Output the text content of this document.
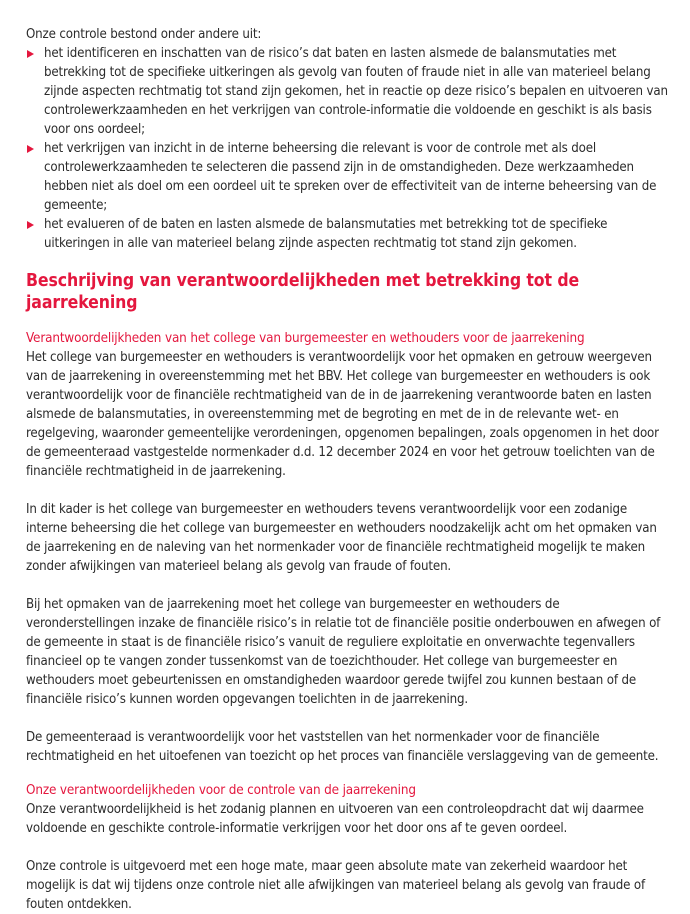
Onze controle bestond onder andere uit:

het identificeren en inschatten van de risico’s dat baten en lasten alsmede de balansmutaties met betrekking tot de specifieke uitkeringen als gevolg van fouten of fraude niet in alle van materieel belang zijnde aspecten rechtmatig tot stand zijn gekomen, het in reactie op deze risico’s bepalen en uitvoeren van controlewerkzaamheden en het verkrijgen van controle-informatie die voldoende en geschikt is als basis voor ons oordeel;
het verkrijgen van inzicht in de interne beheersing die relevant is voor de controle met als doel controlewerkzaamheden te selecteren die passend zijn in de omstandigheden. Deze werkzaamheden hebben niet als doel om een oordeel uit te spreken over de effectiviteit van de interne beheersing van de gemeente;
het evalueren of de baten en lasten alsmede de balansmutaties met betrekking tot de specifieke uitkeringen in alle van materieel belang zijnde aspecten rechtmatig tot stand zijn gekomen.
Beschrijving van verantwoordelijkheden met betrekking tot de jaarrekening
Verantwoordelijkheden van het college van burgemeester en wethouders voor de jaarrekening

Het college van burgemeester en wethouders is verantwoordelijk voor het opmaken en getrouw weergeven van de jaarrekening in overeenstemming met het BBV. Het college van burgemeester en wethouders is ook verantwoordelijk voor de financiële rechtmatigheid van de in de jaarrekening verantwoorde baten en lasten alsmede de balansmutaties, in overeenstemming met de begroting en met de in de relevante wet- en regelgeving, waaronder gemeentelijke verordeningen, opgenomen bepalingen, zoals opgenomen in het door de gemeenteraad vastgestelde normenkader d.d. 12 december 2024 en voor het getrouw toelichten van de financiële rechtmatigheid in de jaarrekening.

In dit kader is het college van burgemeester en wethouders tevens verantwoordelijk voor een zodanige interne beheersing die het college van burgemeester en wethouders noodzakelijk acht om het opmaken van de jaarrekening en de naleving van het normenkader voor de financiële rechtmatigheid mogelijk te maken zonder afwijkingen van materieel belang als gevolg van fraude of fouten.

Bij het opmaken van de jaarrekening moet het college van burgemeester en wethouders de veronderstellingen inzake de financiële risico’s in relatie tot de financiële positie onderbouwen en afwegen of de gemeente in staat is de financiële risico’s vanuit de reguliere exploitatie en onverwachte tegenvallers financieel op te vangen zonder tussenkomst van de toezichthouder. Het college van burgemeester en wethouders moet gebeurtenissen en omstandigheden waardoor gerede twijfel zou kunnen bestaan of de financiële risico’s kunnen worden opgevangen toelichten in de jaarrekening.

De gemeenteraad is verantwoordelijk voor het vaststellen van het normenkader voor de financiële rechtmatigheid en het uitoefenen van toezicht op het proces van financiële verslaggeving van de gemeente.

Onze verantwoordelijkheden voor de controle van de jaarrekening

Onze verantwoordelijkheid is het zodanig plannen en uitvoeren van een controleopdracht dat wij daarmee voldoende en geschikte controle-informatie verkrijgen voor het door ons af te geven oordeel.

Onze controle is uitgevoerd met een hoge mate, maar geen absolute mate van zekerheid waardoor het mogelijk is dat wij tijdens onze controle niet alle afwijkingen van materieel belang als gevolg van fraude of fouten ontdekken.
